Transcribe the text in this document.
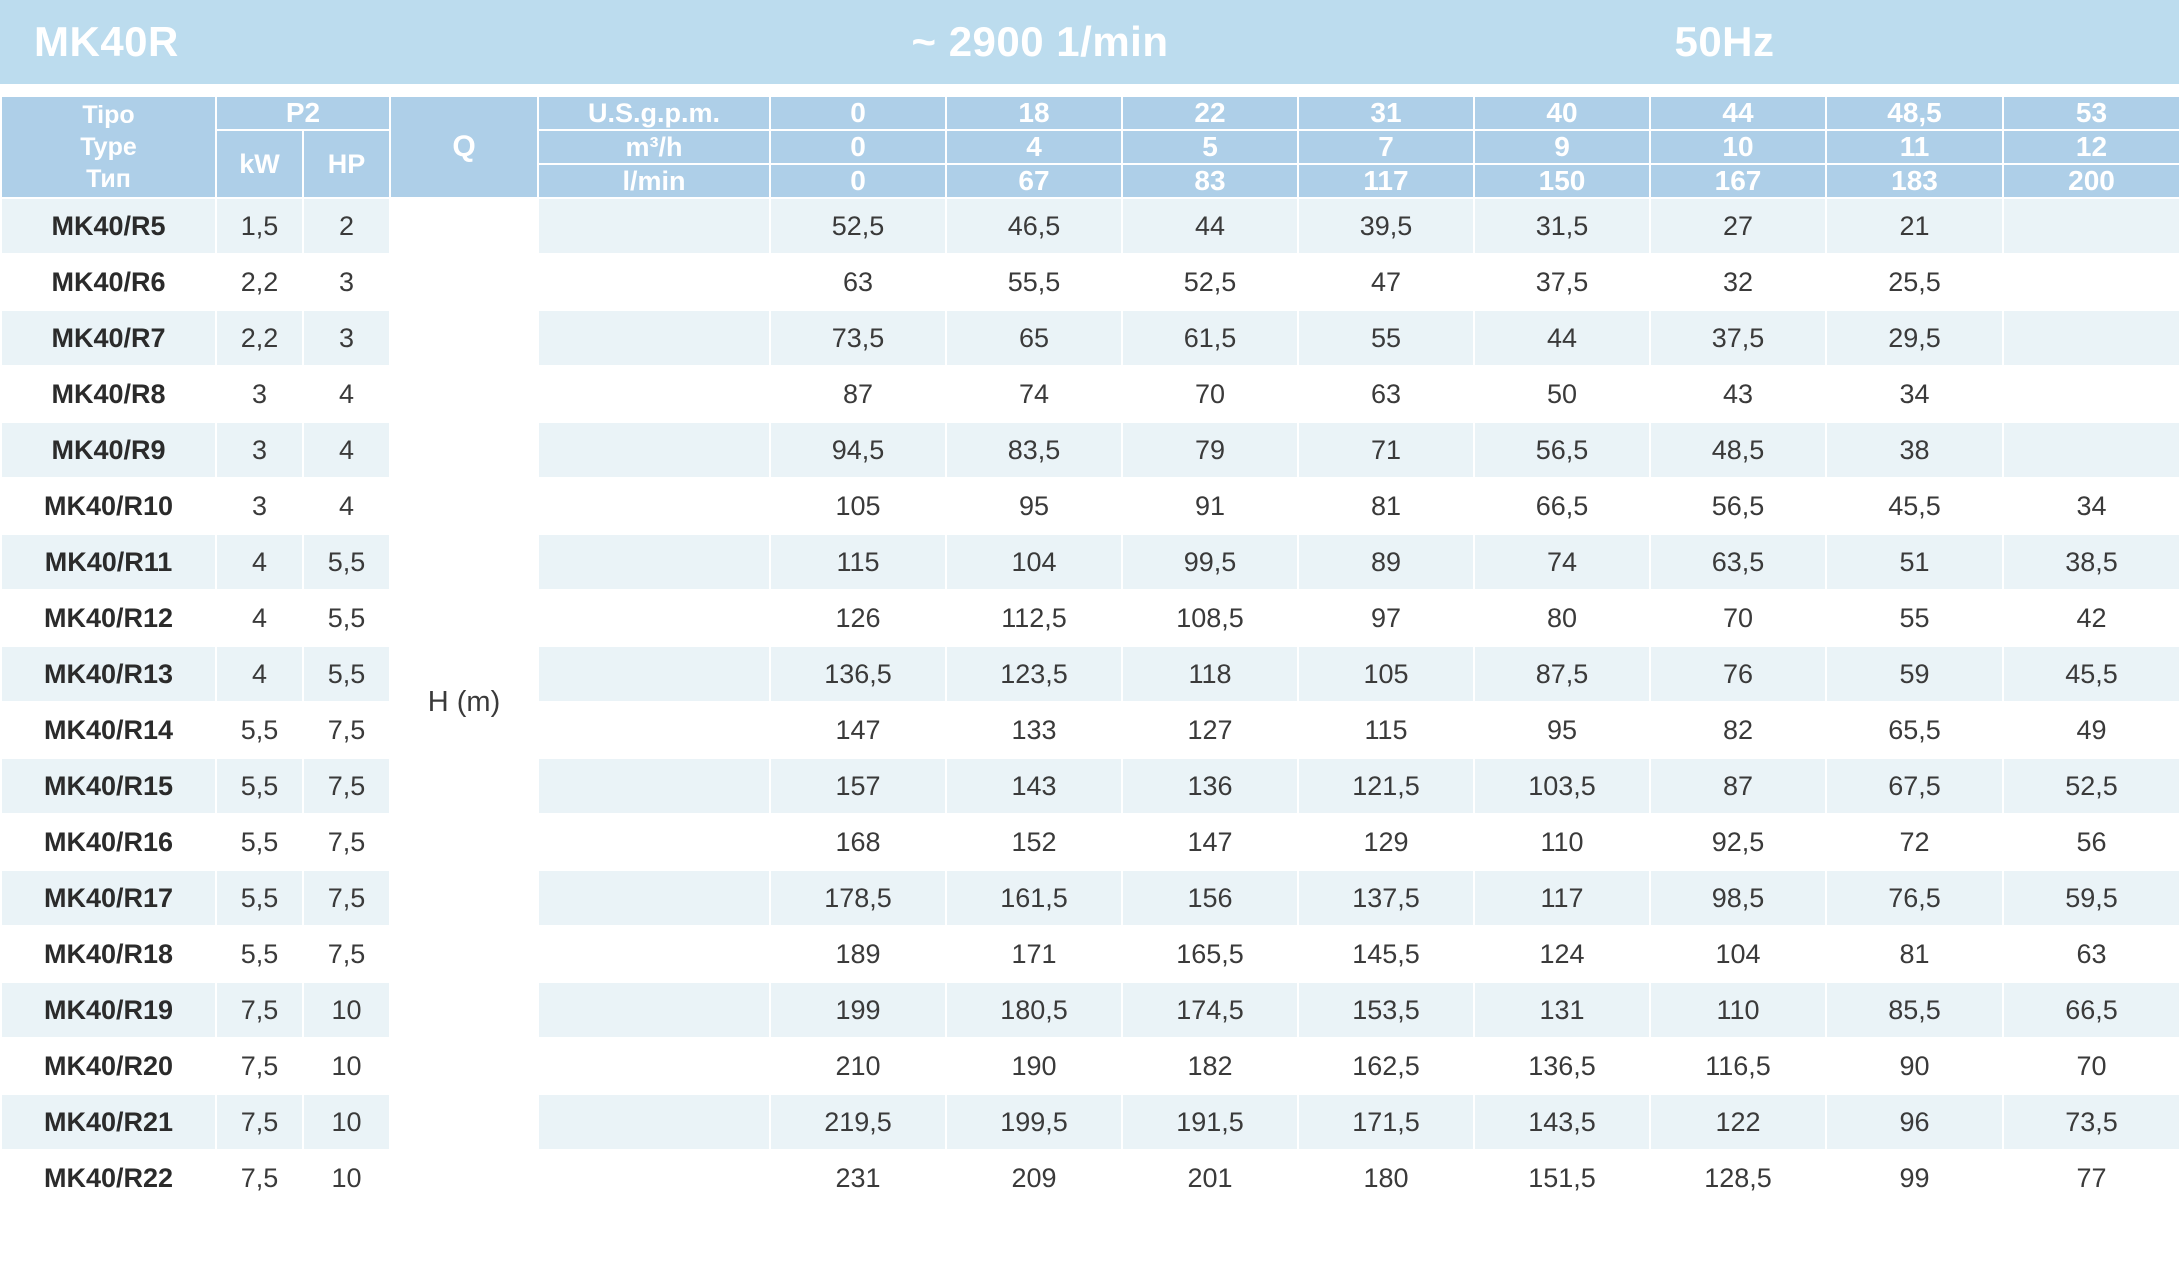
MK40R	~ 2900 1/min	50Hz
Tipo
Type
Тип	P2		Q	U.S.g.p.m.	0	18	22	31	40	44	48,5	53
	kW	HP		m³/h	0	4	5	7	9	10	11	12
				l/min	0	67	83	117	150	167	183	200
MK40/R5	1,5	2	H (m)		52,5	46,5	44	39,5	31,5	27	21	
MK40/R6	2,2	3			63	55,5	52,5	47	37,5	32	25,5	
MK40/R7	2,2	3			73,5	65	61,5	55	44	37,5	29,5	
MK40/R8	3	4			87	74	70	63	50	43	34	
MK40/R9	3	4			94,5	83,5	79	71	56,5	48,5	38	
MK40/R10	3	4			105	95	91	81	66,5	56,5	45,5	34
MK40/R11	4	5,5			115	104	99,5	89	74	63,5	51	38,5
MK40/R12	4	5,5			126	112,5	108,5	97	80	70	55	42
MK40/R13	4	5,5			136,5	123,5	118	105	87,5	76	59	45,5
MK40/R14	5,5	7,5			147	133	127	115	95	82	65,5	49
MK40/R15	5,5	7,5			157	143	136	121,5	103,5	87	67,5	52,5
MK40/R16	5,5	7,5			168	152	147	129	110	92,5	72	56
MK40/R17	5,5	7,5			178,5	161,5	156	137,5	117	98,5	76,5	59,5
MK40/R18	5,5	7,5			189	171	165,5	145,5	124	104	81	63
MK40/R19	7,5	10			199	180,5	174,5	153,5	131	110	85,5	66,5
MK40/R20	7,5	10			210	190	182	162,5	136,5	116,5	90	70
MK40/R21	7,5	10			219,5	199,5	191,5	171,5	143,5	122	96	73,5
MK40/R22	7,5	10			231	209	201	180	151,5	128,5	99	77
